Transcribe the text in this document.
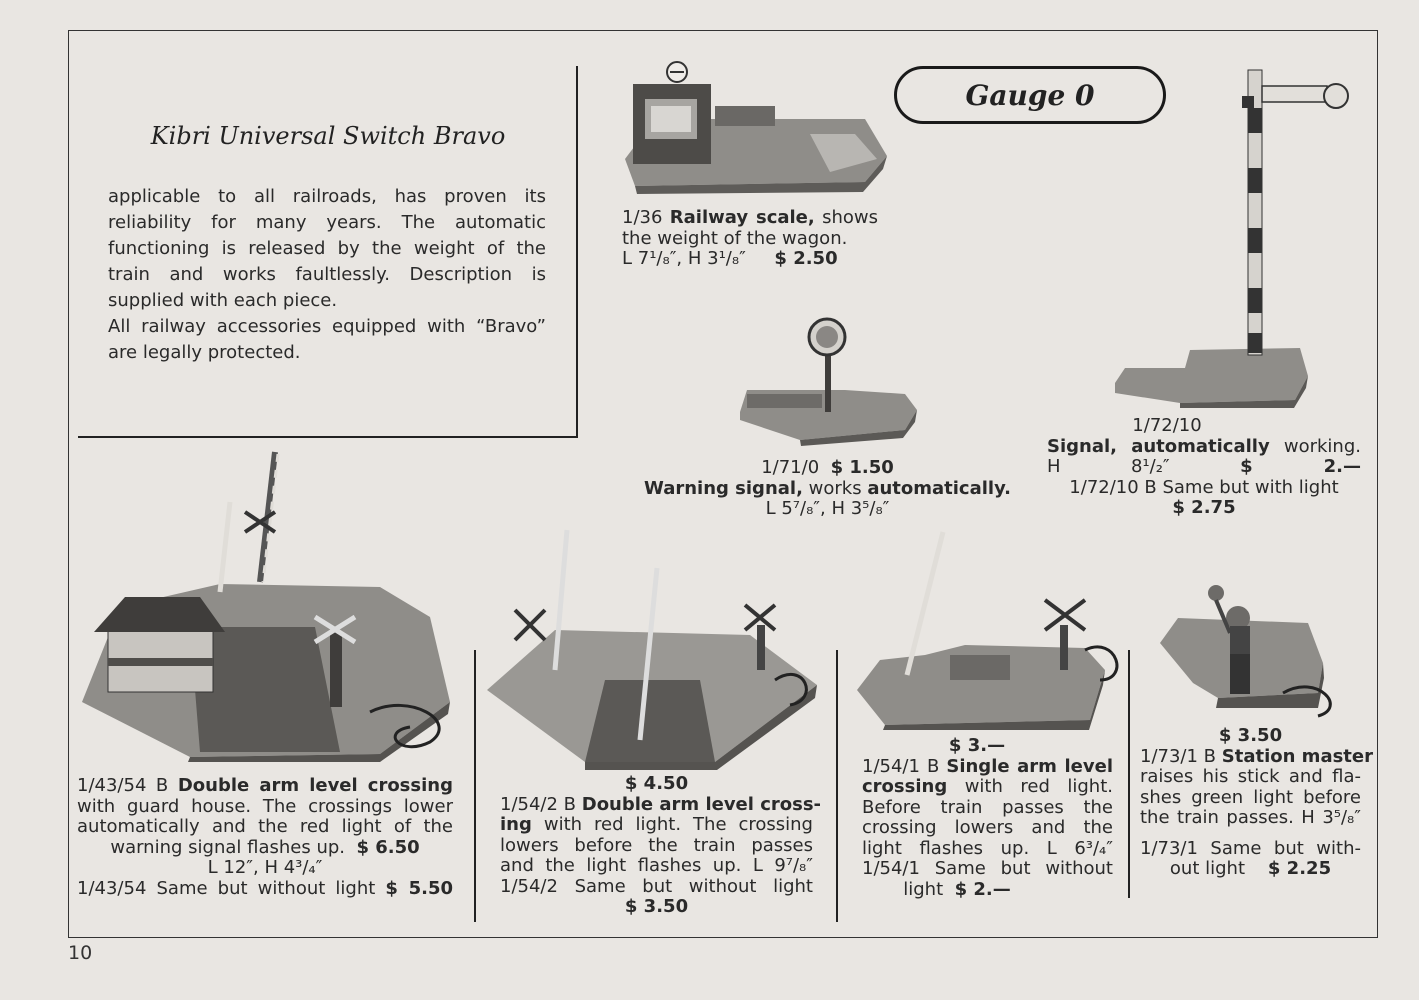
Kibri Universal Switch Bravo

applicable to all railroads, has proven its reliability for many years. The automatic functioning is released by the weight of the train and works faultlessly. Description is supplied with each piece.

All railway accessories equipped with “Bravo” are legally protected.

Gauge 0
1/36 Railway scale, shows
the weight of the wagon.
L 7¹/₈″, H 3¹/₈″ $ 2.50
1/71/0 $ 1.50
Warning signal, works automatically.
L 5⁷/₈″, H 3⁵/₈″
1/72/10
Signal, automatically working.
H 8¹/₂″	$ 2.—
1/72/10 B Same but with light
$ 2.75
1/43/54 B Double arm level crossing
with guard house. The crossings lower
automatically and the red light of the
warning signal flashes up. $ 6.50
L 12″, H 4³/₄″
1/43/54 Same but without light $ 5.50
$ 4.50
1/54/2 B Double arm level cross-
ing with red light. The crossing
lowers before the train passes
and the light flashes up. L 9⁷/₈″
1/54/2 Same but without light
$ 3.50
$ 3.—
1/54/1 B Single arm level
crossing with red light.
Before train passes the
crossing lowers and the
light flashes up. L 6³/₄″
1/54/1 Same but without
light $ 2.—
$ 3.50
1/73/1 B Station master
raises his stick and fla-
shes green light before
the train passes. H 3⁵/₈″
1/73/1 Same but with-
out light $ 2.25
10
